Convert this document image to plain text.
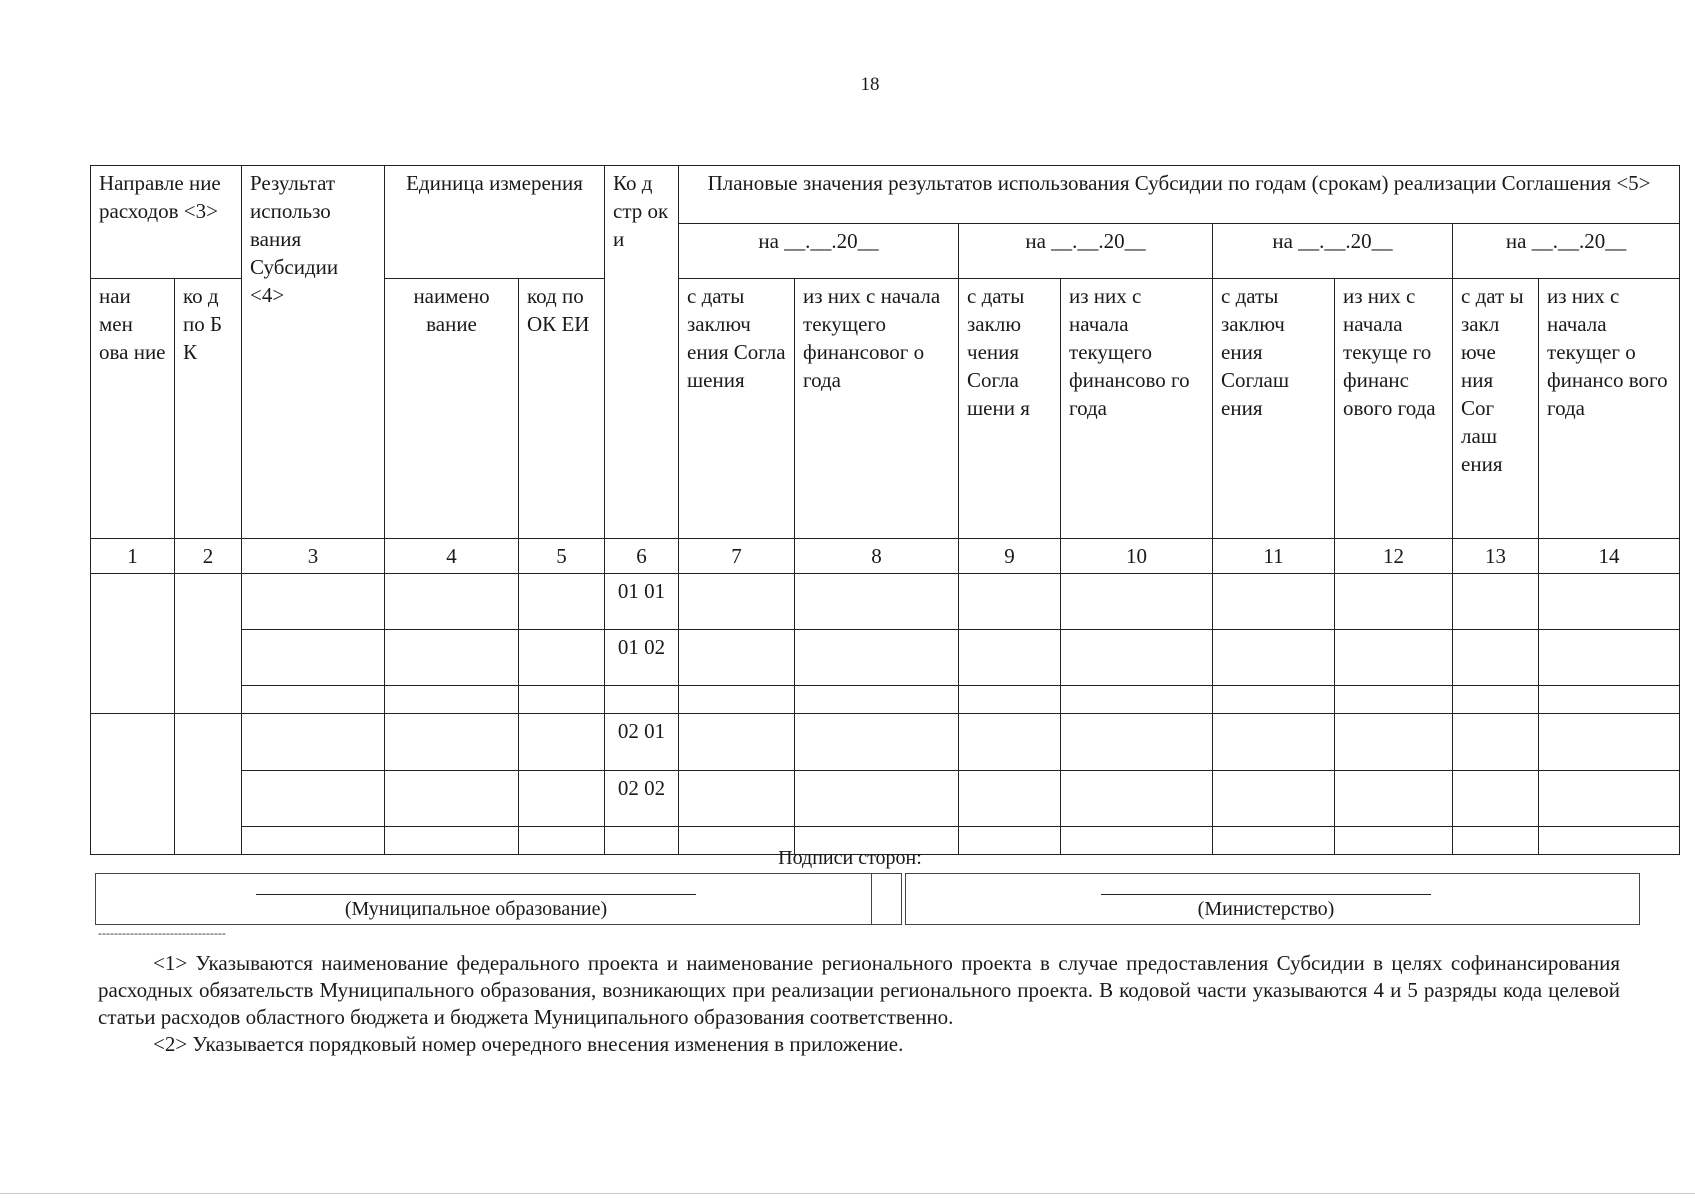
18
Направле ние расходов <3>		Результат использо вания Субсидии <4>	Единица измерения		Ко д стр ок и	Плановые значения результатов использования Субсидии по годам (срокам) реализации Соглашения <5>							
						на __.__.20__		на __.__.20__		на __.__.20__		на __.__.20__	
наи мен ова ние	ко д по Б К		наимено вание	код по ОК ЕИ		с даты заключ ения Согла шения	из них с начала текущего финансовог о года	с даты заклю чения Согла шени я	из них с начала текущего финансово го года	с даты заключ ения Соглаш ения	из них с начала текуще го финанс ового года	с дат ы закл юче ния Сог лаш ения	из них с начала текущег о финансо вого года
1	2	3	4	5	6	7	8	9	10	11	12	13	14
					01 01								
					01 02								

					02 01								
					02 02								

Подписи сторон:
(Муниципальное образование)	(Министерство)
--------------------------------

<1> Указываются наименование федерального проекта и наименование регионального проекта в случае предоставления Субсидии в целях софинансирования расходных обязательств Муниципального образования, возникающих при реализации регионального проекта. В кодовой части указываются 4 и 5 разряды кода целевой статьи расходов областного бюджета и бюджета Муниципального образования соответственно.

<2> Указывается порядковый номер очередного внесения изменения в приложение.
